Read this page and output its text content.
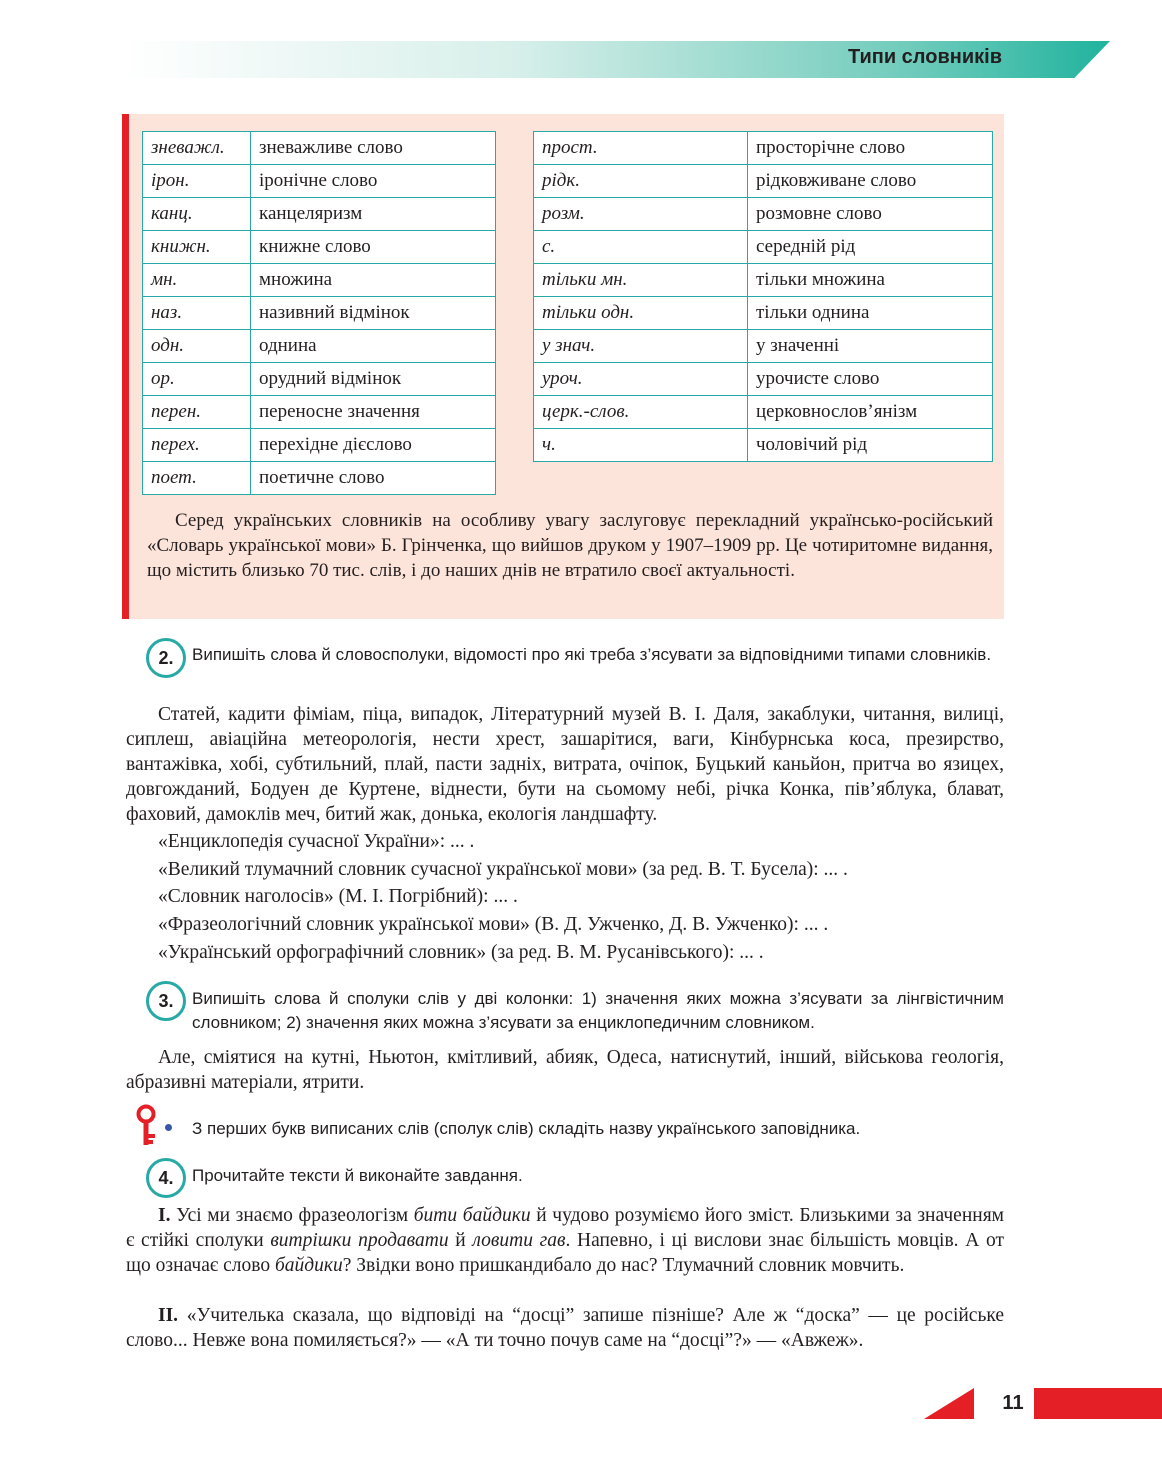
Типи словників
зневажл.	зневажливе слово
ірон.	іронічне слово
канц.	канцеляризм
книжн.	книжне слово
мн.	множина
наз.	називний відмінок
одн.	однина
ор.	орудний відмінок
перен.	переносне значення
перех.	перехідне дієслово
поет.	поетичне слово
прост.	просторічне слово
рідк.	рідковживане слово
розм.	розмовне слово
с.	середній рід
тільки мн.	тільки множина
тільки одн.	тільки однина
у знач.	у значенні
уроч.	урочисте слово
церк.-слов.	церковнослов’янізм
ч.	чоловічий рід
Серед українських словників на особливу увагу заслуговує перекладний українсько-російський «Словарь української мови» Б. Грінченка, що вийшов друком у 1907–1909 рр. Це чотиритомне видання, що містить близько 70 тис. слів, і до наших днів не втратило своєї актуальності.
2.	Випишіть слова й словосполуки, відомості про які треба з’ясувати за відповідними типами словників.
Статей, кадити фіміам, піца, випадок, Літературний музей В. І. Даля, закаблуки, читання, вилиці, сиплеш, авіаційна метеорологія, нести хрест, зашарітися, ваги, Кінбурнська коса, презирство, вантажівка, хобі, субтильний, плай, пасти задніх, витрата, очіпок, Буцький каньйон, притча во язицех, довгожданий, Бодуен де Куртене, віднести, бути на сьомому небі, річка Конка, пів’яблука, блават, фаховий, дамоклів меч, битий жак, донька, екологія ландшафту.
«Енциклопедія сучасної України»: ... .
«Великий тлумачний словник сучасної української мови» (за ред. В. Т. Бусела): ... .
«Словник наголосів» (М. І. Погрібний): ... .
«Фразеологічний словник української мови» (В. Д. Ужченко, Д. В. Ужченко): ... .
«Український орфографічний словник» (за ред. В. М. Русанівського): ... .
3.	Випишіть слова й сполуки слів у дві колонки: 1) значення яких можна з’ясувати за лінгвістичним словником; 2) значення яких можна з’ясувати за енциклопедичним словником.
Але, сміятися на кутні, Ньютон, кмітливий, абияк, Одеса, натиснутий, інший, військова геологія, абразивні матеріали, ятрити.
З перших букв виписаних слів (сполук слів) складіть назву українського заповідника.
4.	Прочитайте тексти й виконайте завдання.
І. Усі ми знаємо фразеологізм бити байдики й чудово розуміємо його зміст. Близькими за значенням є стійкі сполуки витрішки продавати й ловити гав. Напевно, і ці вислови знає більшість мовців. А от що означає слово байдики? Звідки воно пришкандибало до нас? Тлумачний словник мовчить.
ІІ. «Учителька сказала, що відповіді на “досці” запише пізніше? Але ж “доска” — це російське слово... Невже вона помиляється?» — «А ти точно почув саме на “досці”?» — «Авжеж».
11
